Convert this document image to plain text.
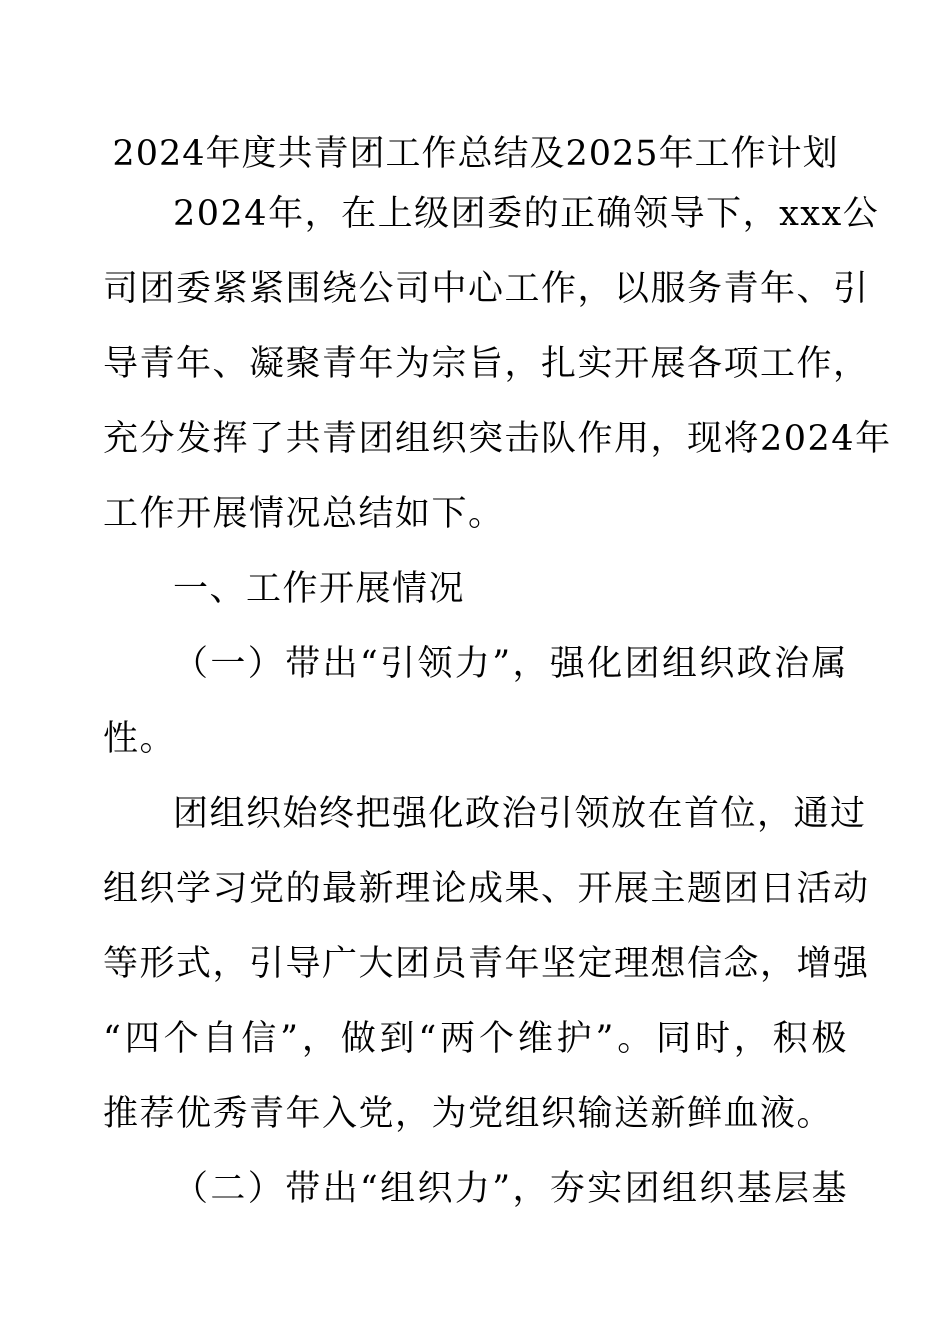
2024年度共青团工作总结及2025年工作计划
2024年，在上级团委的正确领导下，xxx公
司团委紧紧围绕公司中心工作，以服务青年、引
导青年、凝聚青年为宗旨，扎实开展各项工作，
充分发挥了共青团组织突击队作用，现将2024年
工作开展情况总结如下。
一、工作开展情况
（一）带出“引领力”，强化团组织政治属
性。
团组织始终把强化政治引领放在首位，通过
组织学习党的最新理论成果、开展主题团日活动
等形式，引导广大团员青年坚定理想信念，增强
“四个自信”，做到“两个维护”。同时，积极
推荐优秀青年入党，为党组织输送新鲜血液。
（二）带出“组织力”，夯实团组织基层基
